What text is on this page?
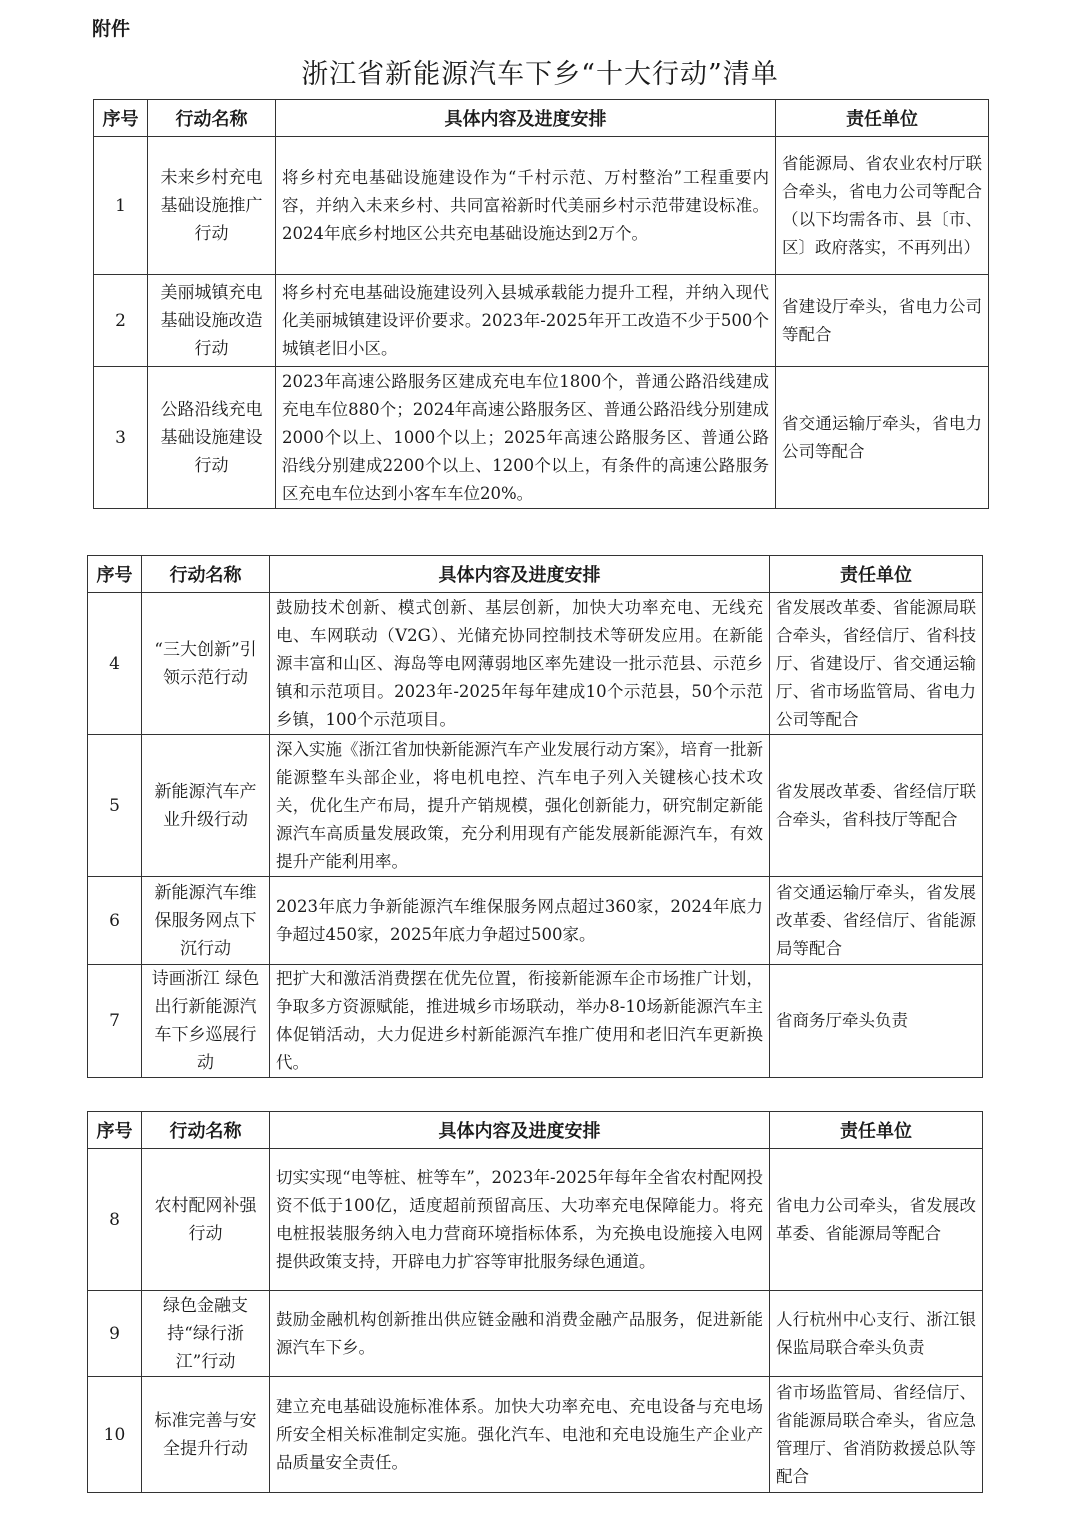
附件
浙江省新能源汽车下乡“十大行动”清单
序号	行动名称	具体内容及进度安排	责任单位
1	未来乡村充电基础设施推广行动	将乡村充电基础设施建设作为“千村示范、万村整治”工程重要内容，并纳入未来乡村、共同富裕新时代美丽乡村示范带建设标准。2024年底乡村地区公共充电基础设施达到2万个。	省能源局、省农业农村厅联合牵头，省电力公司等配合（以下均需各市、县〔市、区〕政府落实，不再列出）
2	美丽城镇充电基础设施改造行动	将乡村充电基础设施建设列入县城承载能力提升工程，并纳入现代化美丽城镇建设评价要求。2023年-2025年开工改造不少于500个城镇老旧小区。	省建设厅牵头，省电力公司等配合
3	公路沿线充电基础设施建设行动	2023年高速公路服务区建成充电车位1800个，普通公路沿线建成充电车位880个；2024年高速公路服务区、普通公路沿线分别建成2000个以上、1000个以上；2025年高速公路服务区、普通公路沿线分别建成2200个以上、1200个以上，有条件的高速公路服务区充电车位达到小客车车位20%。	省交通运输厅牵头，省电力公司等配合
序号	行动名称	具体内容及进度安排	责任单位
4	“三大创新”引领示范行动	鼓励技术创新、模式创新、基层创新，加快大功率充电、无线充电、车网联动（V2G）、光储充协同控制技术等研发应用。在新能源丰富和山区、海岛等电网薄弱地区率先建设一批示范县、示范乡镇和示范项目。2023年-2025年每年建成10个示范县，50个示范乡镇，100个示范项目。	省发展改革委、省能源局联合牵头，省经信厅、省科技厅、省建设厅、省交通运输厅、省市场监管局、省电力公司等配合
5	新能源汽车产业升级行动	深入实施《浙江省加快新能源汽车产业发展行动方案》，培育一批新能源整车头部企业，将电机电控、汽车电子列入关键核心技术攻关，优化生产布局，提升产销规模，强化创新能力，研究制定新能源汽车高质量发展政策，充分利用现有产能发展新能源汽车，有效提升产能利用率。	省发展改革委、省经信厅联合牵头，省科技厅等配合
6	新能源汽车维保服务网点下沉行动	2023年底力争新能源汽车维保服务网点超过360家，2024年底力争超过450家，2025年底力争超过500家。	省交通运输厅牵头，省发展改革委、省经信厅、省能源局等配合
7	诗画浙江 绿色出行新能源汽车下乡巡展行动	把扩大和激活消费摆在优先位置，衔接新能源车企市场推广计划，争取多方资源赋能，推进城乡市场联动，举办8-10场新能源汽车主体促销活动，大力促进乡村新能源汽车推广使用和老旧汽车更新换代。	省商务厅牵头负责
序号	行动名称	具体内容及进度安排	责任单位
8	农村配网补强行动	切实实现“电等桩、桩等车”，2023年-2025年每年全省农村配网投资不低于100亿，适度超前预留高压、大功率充电保障能力。将充电桩报装服务纳入电力营商环境指标体系，为充换电设施接入电网提供政策支持，开辟电力扩容等审批服务绿色通道。	省电力公司牵头，省发展改革委、省能源局等配合
9	绿色金融支持“绿行浙江”行动	鼓励金融机构创新推出供应链金融和消费金融产品服务，促进新能源汽车下乡。	人行杭州中心支行、浙江银保监局联合牵头负责
10	标准完善与安全提升行动	建立充电基础设施标准体系。加快大功率充电、充电设备与充电场所安全相关标准制定实施。强化汽车、电池和充电设施生产企业产品质量安全责任。	省市场监管局、省经信厅、省能源局联合牵头，省应急管理厅、省消防救援总队等配合
